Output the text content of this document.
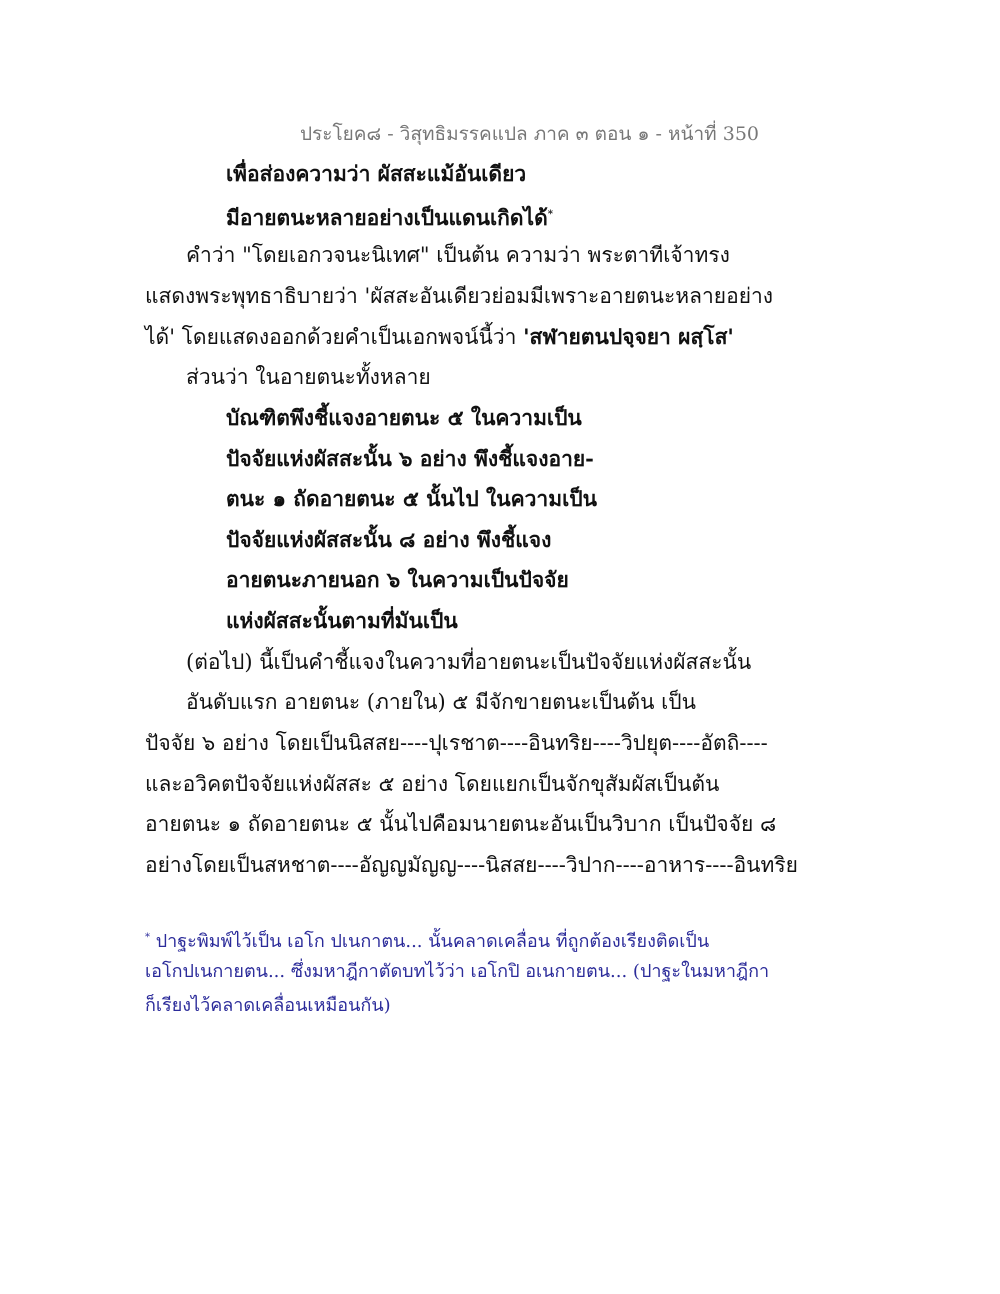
ประโยค๘ - วิสุทธิมรรคแปล ภาค ๓ ตอน ๑ - หน้าที่ 350
เพื่อส่องความว่า ผัสสะแม้อันเดียว
มีอายตนะหลายอย่างเป็นแดนเกิดได้*
คำว่า "โดยเอกวจนะนิเทศ" เป็นต้น ความว่า พระตาทีเจ้าทรง
แสดงพระพุทธาธิบายว่า 'ผัสสะอันเดียวย่อมมีเพราะอายตนะหลายอย่าง
ได้' โดยแสดงออกด้วยคำเป็นเอกพจน์นี้ว่า 'สฬายตนปจฺจยา ผสฺโส'
ส่วนว่า ในอายตนะทั้งหลาย
บัณฑิตพึงชี้แจงอายตนะ ๕ ในความเป็น
ปัจจัยแห่งผัสสะนั้น ๖ อย่าง พึงชี้แจงอาย-
ตนะ ๑ ถัดอายตนะ ๕ นั้นไป ในความเป็น
ปัจจัยแห่งผัสสะนั้น ๘ อย่าง พึงชี้แจง
อายตนะภายนอก ๖ ในความเป็นปัจจัย
แห่งผัสสะนั้นตามที่มันเป็น
(ต่อไป) นี้เป็นคำชี้แจงในความที่อายตนะเป็นปัจจัยแห่งผัสสะนั้น
อันดับแรก อายตนะ (ภายใน) ๕ มีจักขายตนะเป็นต้น เป็น
ปัจจัย ๖ อย่าง โดยเป็นนิสสย----ปุเรชาต----อินทริย----วิปยุต----อัตถิ----
และอวิคตปัจจัยแห่งผัสสะ ๕ อย่าง โดยแยกเป็นจักขุสัมผัสเป็นต้น
อายตนะ ๑ ถัดอายตนะ ๕ นั้นไปคือมนายตนะอันเป็นวิบาก เป็นปัจจัย ๘
อย่างโดยเป็นสหชาต----อัญญมัญญ----นิสสย----วิปาก----อาหาร----อินทริย
* ปาฐะพิมพ์ไว้เป็น เอโก ปเนกาตน... นั้นคลาดเคลื่อน ที่ถูกต้องเรียงติดเป็น
เอโกปเนกายตน... ซึ่งมหาฎีกาตัดบทไว้ว่า เอโกปิ อเนกายตน... (ปาฐะในมหาฎีกา
ก็เรียงไว้คลาดเคลื่อนเหมือนกัน)
